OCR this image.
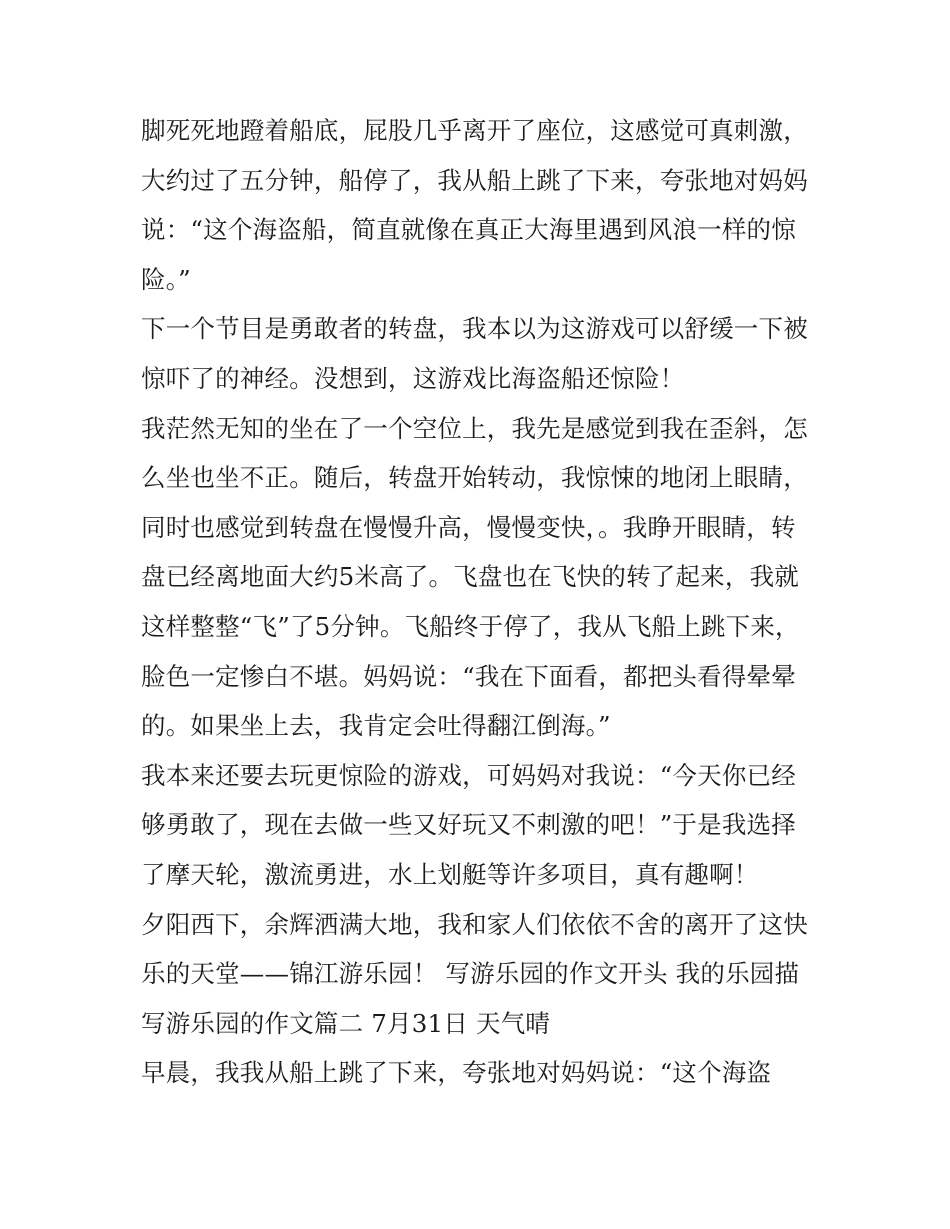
脚死死地蹬着船底，屁股几乎离开了座位，这感觉可真刺激，
大约过了五分钟，船停了，我从船上跳了下来，夸张地对妈妈
说：“这个海盗船，简直就像在真正大海里遇到风浪一样的惊
险。”
下一个节目是勇敢者的转盘，我本以为这游戏可以舒缓一下被
惊吓了的神经。没想到，这游戏比海盗船还惊险！
我茫然无知的坐在了一个空位上，我先是感觉到我在歪斜，怎
么坐也坐不正。随后，转盘开始转动，我惊悚的地闭上眼睛，
同时也感觉到转盘在慢慢升高，慢慢变快，。我睁开眼睛，转
盘已经离地面大约5米高了。飞盘也在飞快的转了起来，我就
这样整整“飞”了5分钟。飞船终于停了，我从飞船上跳下来，
脸色一定惨白不堪。妈妈说：“我在下面看，都把头看得晕晕
的。如果坐上去，我肯定会吐得翻江倒海。”
我本来还要去玩更惊险的游戏，可妈妈对我说：“今天你已经
够勇敢了，现在去做一些又好玩又不刺激的吧！”于是我选择
了摩天轮，激流勇进，水上划艇等许多项目，真有趣啊！
夕阳西下，余辉洒满大地，我和家人们依依不舍的离开了这快
乐的天堂——锦江游乐园！ 写游乐园的作文开头 我的乐园描
写游乐园的作文篇二 7月31日 天气晴
早晨，我我从船上跳了下来，夸张地对妈妈说：“这个海盗
